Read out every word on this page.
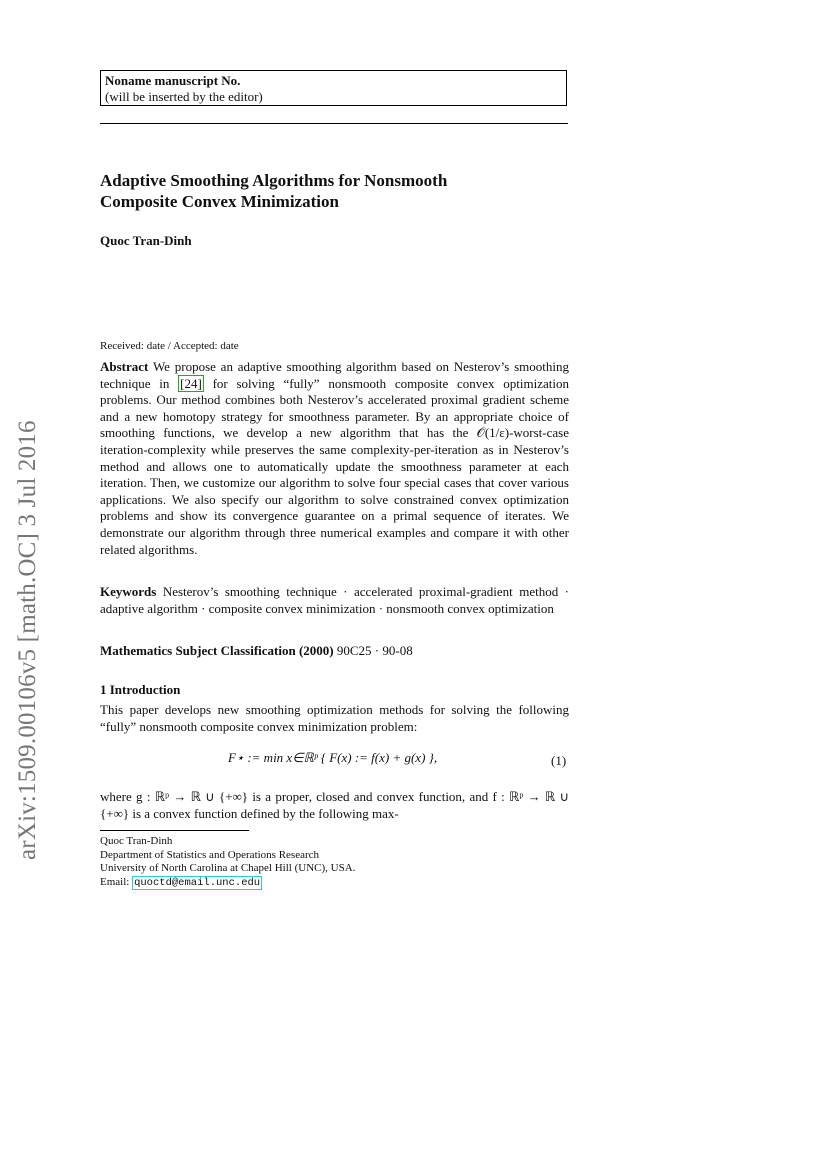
Noname manuscript No.
(will be inserted by the editor)
Adaptive Smoothing Algorithms for Nonsmooth
Composite Convex Minimization
Quoc Tran-Dinh
arXiv:1509.00106v5 [math.OC] 3 Jul 2016
Received: date / Accepted: date
Abstract We propose an adaptive smoothing algorithm based on Nesterov’s smoothing technique in [24] for solving “fully” nonsmooth composite convex optimization problems. Our method combines both Nesterov’s accelerated proximal gradient scheme and a new homotopy strategy for smoothness parameter. By an appropriate choice of smoothing functions, we develop a new algorithm that has the 𝒪(1/ε)-worst-case iteration-complexity while preserves the same complexity-per-iteration as in Nesterov’s method and allows one to automatically update the smoothness parameter at each iteration. Then, we customize our algorithm to solve four special cases that cover various applications. We also specify our algorithm to solve constrained convex optimization problems and show its convergence guarantee on a primal sequence of iterates. We demonstrate our algorithm through three numerical examples and compare it with other related algorithms.
Keywords Nesterov’s smoothing technique · accelerated proximal-gradient method · adaptive algorithm · composite convex minimization · nonsmooth convex optimization
Mathematics Subject Classification (2000) 90C25 · 90-08
1 Introduction
This paper develops new smoothing optimization methods for solving the following “fully” nonsmooth composite convex minimization problem:
F⋆ := min x∈ℝᵖ { F(x) := f(x) + g(x) },	(1)
where g : ℝᵖ → ℝ ∪ {+∞} is a proper, closed and convex function, and f : ℝᵖ → ℝ ∪ {+∞} is a convex function defined by the following max-
Quoc Tran-Dinh
Department of Statistics and Operations Research
University of North Carolina at Chapel Hill (UNC), USA.
Email: quoctd@email.unc.edu
